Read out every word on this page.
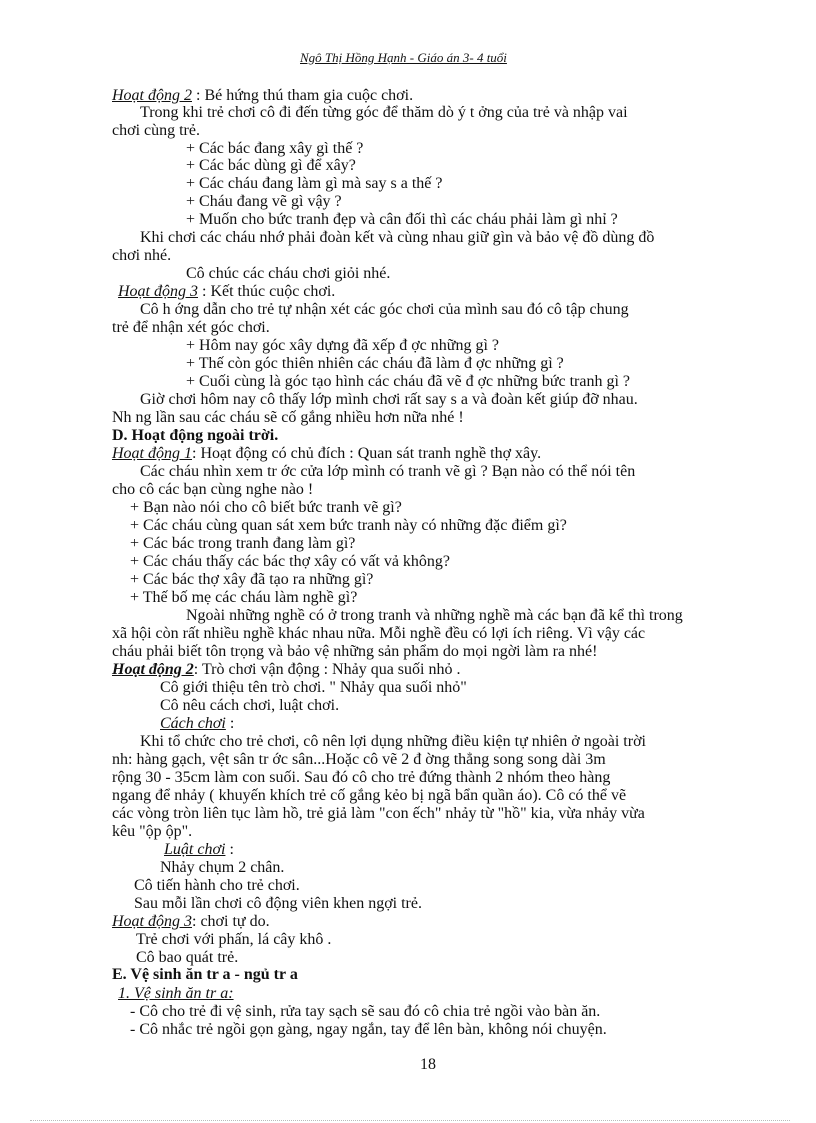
Ngô Thị Hồng Hạnh - Giáo án 3- 4 tuổi
Hoạt động 2 : Bé hứng thú tham gia cuộc chơi.
Trong khi trẻ chơi cô đi đến từng góc để thăm dò ý t ởng của trẻ và nhập vai
chơi cùng trẻ.
+ Các bác đang xây gì thế ?
+ Các bác dùng gì để xây?
+ Các cháu đang làm gì mà say s a thế ?
+ Cháu đang vẽ gì vậy ?
+ Muốn cho bức tranh đẹp và cân đối thì các cháu phải làm gì nhỉ ?
Khi chơi các cháu nhớ phải đoàn kết và cùng nhau giữ gìn và bảo vệ đồ dùng đồ
chơi nhé.
Cô chúc các cháu chơi giỏi nhé.
Hoạt động 3 : Kết thúc cuộc chơi.
Cô h ớng dẫn cho trẻ tự nhận xét các góc chơi của mình sau đó cô tập chung
trẻ để nhận xét góc chơi.
+ Hôm nay góc xây dựng đã xếp đ ợc những gì ?
+ Thế còn góc thiên nhiên các cháu đã làm đ ợc những gì ?
+ Cuối cùng là góc tạo hình các cháu đã vẽ đ ợc những bức tranh gì ?
Giờ chơi hôm nay cô thấy lớp mình chơi rất say s a và đoàn kết giúp đỡ nhau.
Nh ng lần sau các cháu sẽ cố gắng nhiều hơn nữa nhé !
D. Hoạt động ngoài trời.
Hoạt động 1: Hoạt động có chủ đích : Quan sát tranh nghề thợ xây.
Các cháu nhìn xem tr ớc cửa lớp mình có tranh vẽ gì ? Bạn nào có thể nói tên
cho cô các bạn cùng nghe nào !
+ Bạn nào nói cho cô biết bức tranh vẽ gì?
+ Các cháu cùng quan sát xem bức tranh này có những đặc điểm gì?
+ Các bác trong tranh đang làm gì?
+ Các cháu thấy các bác thợ xây có vất vả không?
+ Các bác thợ xây đã tạo ra những gì?
+ Thế bố mẹ các cháu làm nghề gì?
Ngoài những nghề có ở trong tranh và những nghề mà các bạn đã kể thì trong
xã hội còn rất nhiều nghề khác nhau nữa. Mỗi nghề đều có lợi ích riêng. Vì vậy các
cháu phải biết tôn trọng và bảo vệ những sản phẩm do mọi ngời làm ra nhé!
Hoạt động 2: Trò chơi vận động : Nhảy qua suối nhỏ .
Cô giới thiệu tên trò chơi. " Nhảy qua suối nhỏ"
Cô nêu cách chơi, luật chơi.
Cách chơi :
Khi tổ chức cho trẻ chơi, cô nên lợi dụng những điều kiện tự nhiên ở ngoài trời
nh: hàng gạch, vệt sân tr ớc sân...Hoặc cô vẽ 2 đ ờng thẳng song song dài 3m
rộng 30 - 35cm làm con suối. Sau đó cô cho trẻ đứng thành 2 nhóm theo hàng
ngang để nhảy ( khuyến khích trẻ cố gắng kẻo bị ngã bẩn quần áo). Cô có thể vẽ
các vòng tròn liên tục làm hồ, trẻ giả làm "con ếch" nhảy từ "hồ" kia, vừa nhảy vừa
kêu "ộp ộp".
Luật chơi :
Nhảy chụm 2 chân.
Cô tiến hành cho trẻ chơi.
Sau mỗi lần chơi cô động viên khen ngợi trẻ.
Hoạt động 3: chơi tự do.
Trẻ chơi với phấn, lá cây khô .
Cô bao quát trẻ.
E. Vệ sinh ăn tr a - ngủ tr a
1. Vệ sinh ăn tr a:
- Cô cho trẻ đi vệ sinh, rửa tay sạch sẽ sau đó cô chia trẻ ngồi vào bàn ăn.
- Cô nhắc trẻ ngồi gọn gàng, ngay ngắn, tay để lên bàn, không nói chuyện.
18
